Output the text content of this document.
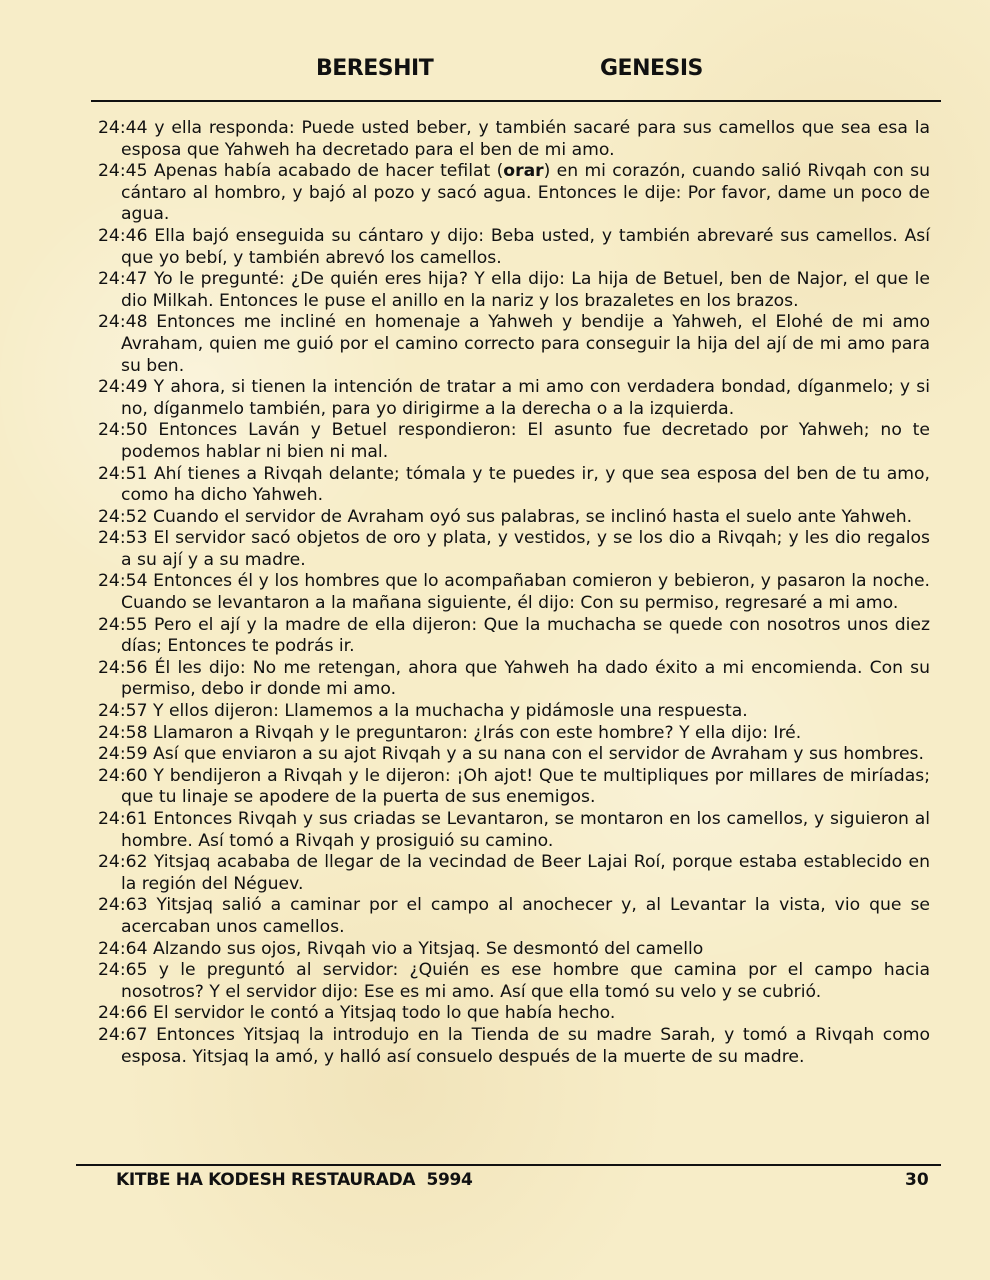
BERESHIT	GENESIS

24:44 y ella responda: Puede usted beber, y también sacaré para sus camellos que sea esa la esposa que Yahweh ha decretado para el ben de mi amo.

24:45 Apenas había acabado de hacer tefilat (orar) en mi corazón, cuando salió Rivqah con su cántaro al hombro, y bajó al pozo y sacó agua. Entonces le dije: Por favor, dame un poco de agua.

24:46 Ella bajó enseguida su cántaro y dijo: Beba usted, y también abrevaré sus camellos. Así que yo bebí, y también abrevó los camellos.

24:47 Yo le pregunté: ¿De quién eres hija? Y ella dijo: La hija de Betuel, ben de Najor, el que le dio Milkah. Entonces le puse el anillo en la nariz y los brazaletes en los brazos.

24:48 Entonces me incliné en homenaje a Yahweh y bendije a Yahweh, el Elohé de mi amo Avraham, quien me guió por el camino correcto para conseguir la hija del ají de mi amo para su ben.

24:49 Y ahora, si tienen la intención de tratar a mi amo con verdadera bondad, díganmelo; y si no, díganmelo también, para yo dirigirme a la derecha o a la izquierda.

24:50 Entonces Laván y Betuel respondieron: El asunto fue decretado por Yahweh; no te podemos hablar ni bien ni mal.

24:51 Ahí tienes a Rivqah delante; tómala y te puedes ir, y que sea esposa del ben de tu amo, como ha dicho Yahweh.

24:52 Cuando el servidor de Avraham oyó sus palabras, se inclinó hasta el suelo ante Yahweh.

24:53 El servidor sacó objetos de oro y plata, y vestidos, y se los dio a Rivqah; y les dio regalos a su ají y a su madre.

24:54 Entonces él y los hombres que lo acompañaban comieron y bebieron, y pasaron la noche. Cuando se levantaron a la mañana siguiente, él dijo: Con su permiso, regresaré a mi amo.

24:55 Pero el ají y la madre de ella dijeron: Que la muchacha se quede con nosotros unos diez días; Entonces te podrás ir.

24:56 Él les dijo: No me retengan, ahora que Yahweh ha dado éxito a mi encomienda. Con su permiso, debo ir donde mi amo.

24:57 Y ellos dijeron: Llamemos a la muchacha y pidámosle una respuesta.

24:58 Llamaron a Rivqah y le preguntaron: ¿Irás con este hombre? Y ella dijo: Iré.

24:59 Así que enviaron a su ajot Rivqah y a su nana con el servidor de Avraham y sus hombres.

24:60 Y bendijeron a Rivqah y le dijeron: ¡Oh ajot! Que te multipliques por millares de miríadas; que tu linaje se apodere de la puerta de sus enemigos.

24:61 Entonces Rivqah y sus criadas se Levantaron, se montaron en los camellos, y siguieron al hombre. Así tomó a Rivqah y prosiguió su camino.

24:62 Yitsjaq acababa de llegar de la vecindad de Beer Lajai Roí, porque estaba establecido en la región del Néguev.

24:63 Yitsjaq salió a caminar por el campo al anochecer y, al Levantar la vista, vio que se acercaban unos camellos.

24:64 Alzando sus ojos, Rivqah vio a Yitsjaq. Se desmontó del camello

24:65 y le preguntó al servidor: ¿Quién es ese hombre que camina por el campo hacia nosotros? Y el servidor dijo: Ese es mi amo. Así que ella tomó su velo y se cubrió.

24:66 El servidor le contó a Yitsjaq todo lo que había hecho.

24:67 Entonces Yitsjaq la introdujo en la Tienda de su madre Sarah, y tomó a Rivqah como esposa. Yitsjaq la amó, y halló así consuelo después de la muerte de su madre.

KITBE HA KODESH RESTAURADA  5994	30
